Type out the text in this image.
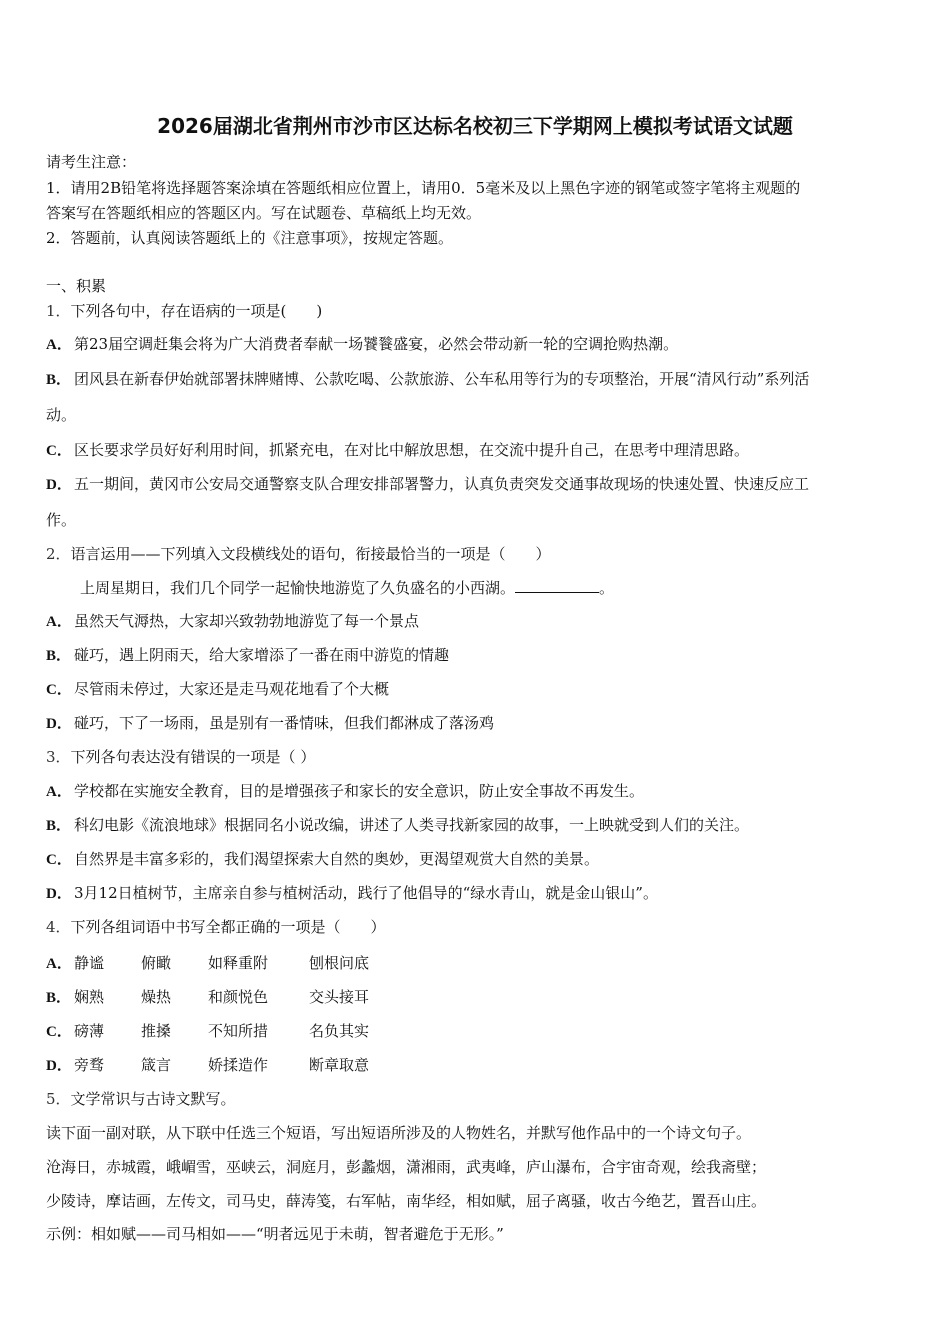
2026届湖北省荆州市沙市区达标名校初三下学期网上模拟考试语文试题
请考生注意：
1．请用2B铅笔将选择题答案涂填在答题纸相应位置上，请用0．5毫米及以上黑色字迹的钢笔或签字笔将主观题的
答案写在答题纸相应的答题区内。写在试题卷、草稿纸上均无效。
2．答题前，认真阅读答题纸上的《注意事项》，按规定答题。
一、积累
1．下列各句中，存在语病的一项是(　　)
A． 第23届空调赶集会将为广大消费者奉献一场饕餮盛宴，必然会带动新一轮的空调抢购热潮。
B． 团风县在新春伊始就部署抹牌赌博、公款吃喝、公款旅游、公车私用等行为的专项整治，开展“清风行动”系列活
动。
C． 区长要求学员好好利用时间，抓紧充电，在对比中解放思想，在交流中提升自己，在思考中理清思路。
D． 五一期间，黄冈市公安局交通警察支队合理安排部署警力，认真负责突发交通事故现场的快速处置、快速反应工
作。
2．语言运用——下列填入文段横线处的语句，衔接最恰当的一项是（　　）
上周星期日，我们几个同学一起愉快地游览了久负盛名的小西湖。	。
A． 虽然天气溽热，大家却兴致勃勃地游览了每一个景点
B． 碰巧，遇上阴雨天，给大家增添了一番在雨中游览的情趣
C． 尽管雨未停过，大家还是走马观花地看了个大概
D． 碰巧，下了一场雨，虽是别有一番情味，但我们都淋成了落汤鸡
3．下列各句表达没有错误的一项是（ ）
A． 学校都在实施安全教育，目的是增强孩子和家长的安全意识，防止安全事故不再发生。
B． 科幻电影《流浪地球》根据同名小说改编，讲述了人类寻找新家园的故事，一上映就受到人们的关注。
C． 自然界是丰富多彩的，我们渴望探索大自然的奥妙，更渴望观赏大自然的美景。
D． 3月12日植树节，主席亲自参与植树活动，践行了他倡导的“绿水青山，就是金山银山”。
4．下列各组词语中书写全都正确的一项是（　　）
A． 静谧 俯瞰 如释重附	刨根问底
B． 娴熟 燥热 和颜悦色	交头接耳
C． 磅薄 推搡 不知所措	名负其实
D． 旁骛 箴言 娇揉造作	断章取意
5．文学常识与古诗文默写。
读下面一副对联，从下联中任选三个短语，写出短语所涉及的人物姓名，并默写他作品中的一个诗文句子。
沧海日，赤城霞，峨嵋雪，巫峡云，洞庭月，彭蠡烟，潇湘雨，武夷峰，庐山瀑布，合宇宙奇观，绘我斋壁；
少陵诗，摩诘画，左传文，司马史，薛涛笺，右军帖，南华经，相如赋，屈子离骚，收古今绝艺，置吾山庄。
示例：相如赋——司马相如——“明者远见于未萌，智者避危于无形。”
